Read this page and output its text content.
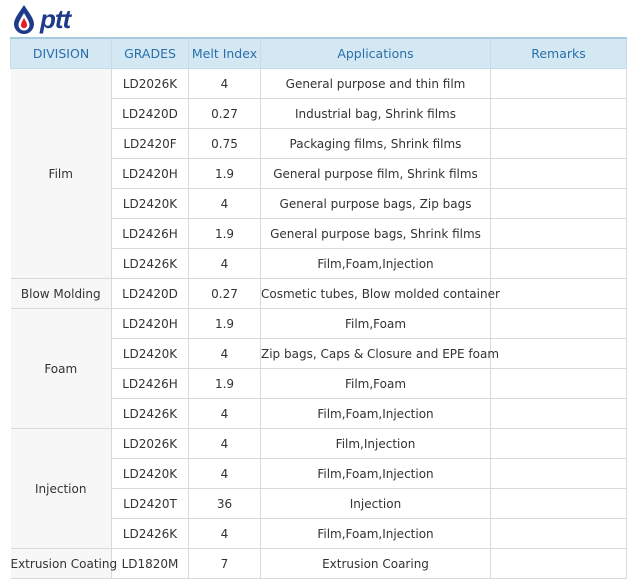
ptt
DIVISION	GRADES	Melt Index	Applications	Remarks
Film	LD2026K	4	General purpose and thin film	
	LD2420D	0.27	Industrial bag, Shrink films	
	LD2420F	0.75	Packaging films, Shrink films	
	LD2420H	1.9	General purpose film, Shrink films	
	LD2420K	4	General purpose bags, Zip bags	
	LD2426H	1.9	General purpose bags, Shrink films	
	LD2426K	4	Film,Foam,Injection	
Blow Molding	LD2420D	0.27	Cosmetic tubes, Blow molded container	
Foam	LD2420H	1.9	Film,Foam	
	LD2420K	4	Zip bags, Caps & Closure and EPE foam	
	LD2426H	1.9	Film,Foam	
	LD2426K	4	Film,Foam,Injection	
Injection	LD2026K	4	Film,Injection	
	LD2420K	4	Film,Foam,Injection	
	LD2420T	36	Injection	
	LD2426K	4	Film,Foam,Injection	
Extrusion Coating	LD1820M	7	Extrusion Coaring	
